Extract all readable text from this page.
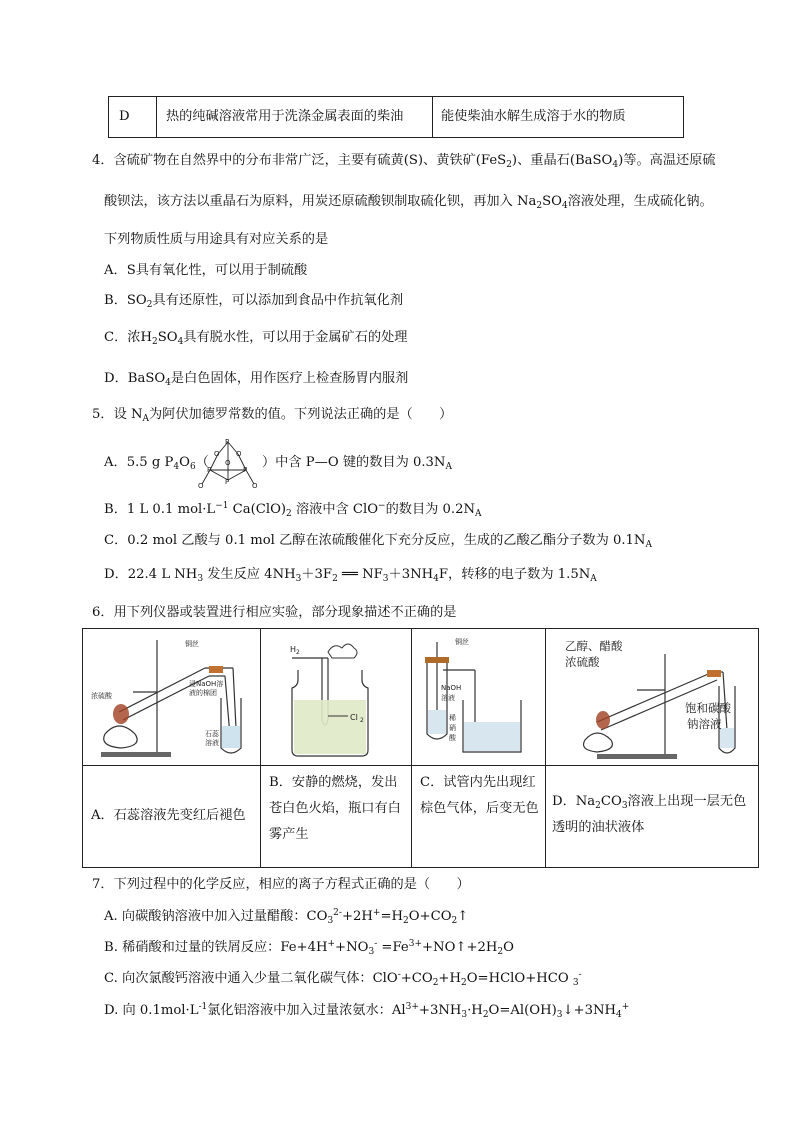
D	热的纯碱溶液常用于洗涤金属表面的柴油	能使柴油水解生成溶于水的物质
4．含硫矿物在自然界中的分布非常广泛，主要有硫黄(S)、黄铁矿(FeS$_2$)、重晶石(BaSO$_4$)等。高温还原硫
酸钡法，该方法以重晶石为原料，用炭还原硫酸钡制取硫化钡，再加入 $Na_2SO_4$溶液处理，生成硫化钠。
下列物质性质与用途具有对应关系的是
A．S具有氧化性，可以用于制硫酸
B．$SO_2$具有还原性，可以添加到食品中作抗氧化剂
C．浓$H_2SO_4$具有脱水性，可以用于金属矿石的处理
D．BaSO$_4$是白色固体，用作医疗上检查肠胃内服剂
5．设 $N_A$为阿伏加德罗常数的值。下列说法正确的是（　　）
A．5.5 g $P_4O_6$（
P
O O
P	P
O
P
O	O
）中含 P—O 键的数目为 $0.3N_A$
B．1 L 0.1 $mol\cdot L^{-1}$ $Ca(ClO)_2$ 溶液中含 ClO−的数目为 $0.2N_A$
C．0.2 mol 乙酸与 0.1 mol 乙醇在浓硫酸催化下充分反应，生成的乙酸乙酯分子数为 $0.1N_A$
D．22.4 L $NH_3$ 发生反应 $4NH_3+3F_2$ ══ $NF_3+3NH_4F$，转移的电子数为 $1.5N_A$
6．用下列仪器或装置进行相应实验，部分现象描述不正确的是
铜丝
浓硫酸
浸NaOH溶
液的棉团
石蕊
溶液
H 2
Cl 2
铜丝
NaOH
溶液
稀
硝
酸
乙醇、醋酸
浓硫酸
饱和碳酸
钠溶液
A．石蕊溶液先变红后褪色
B．安静的燃烧，发出苍白色火焰，瓶口有白雾产生
C．试管内先出现红棕色气体，后变无色 D．$Na_2CO_3$溶液上出现一层无色透明的油状液体
7．下列过程中的化学反应，相应的离子方程式正确的是（　　）
A. 向碳酸钠溶液中加入过量醋酸：$CO_3^{2-}+2H^+=H_2O+CO_2↑$
B. 稀硝酸和过量的铁屑反应：$Fe+4H^++NO_3^-$ $=Fe^{3+}+NO↑+2H_2O$
C. 向次氯酸钙溶液中通入少量二氧化碳气体：$ClO^-+CO_2+H_2O=HClO+HCO$ $_3$-
D. 向 $0.1mol\cdot L^{-1}$氯化铝溶液中加入过量浓氨水：$Al^{3+}+3NH_3\cdot H_2O=Al(OH)_3↓+3NH_4^+$
